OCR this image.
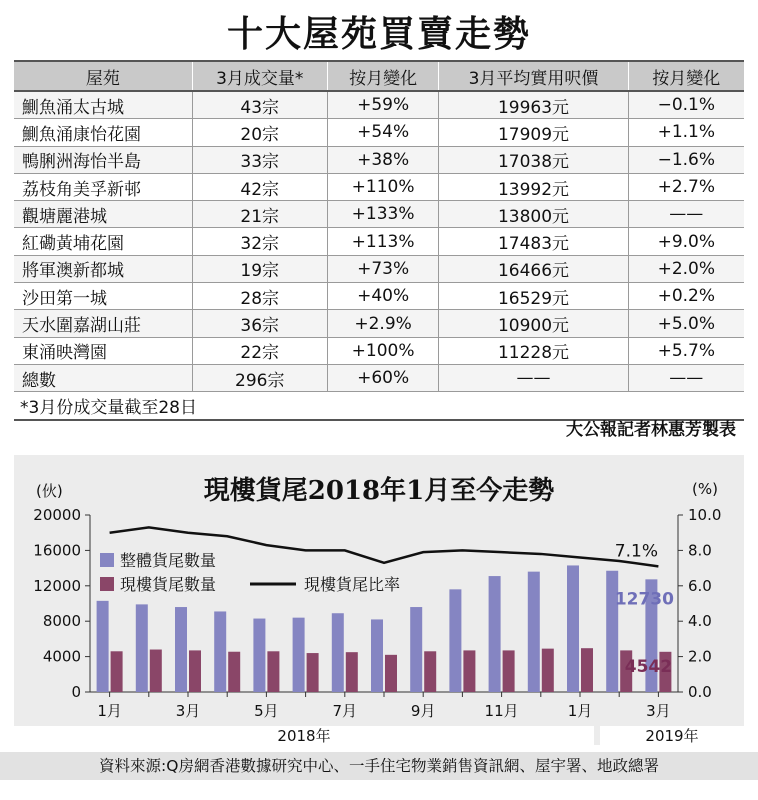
十大屋苑買賣走勢
屋苑	3月成交量*	按月變化	3月平均實用呎價	按月變化
鰂魚涌太古城	43宗	+59%	19963元	−0.1%
鰂魚涌康怡花園	20宗	+54%	17909元	+1.1%
鴨脷洲海怡半島	33宗	+38%	17038元	−1.6%
荔枝角美孚新邨	42宗	+110%	13992元	+2.7%
觀塘麗港城	21宗	+133%	13800元	——
紅磡黃埔花園	32宗	+113%	17483元	+9.0%
將軍澳新都城	19宗	+73%	16466元	+2.0%
沙田第一城	28宗	+40%	16529元	+0.2%
天水圍嘉湖山莊	36宗	+2.9%	10900元	+5.0%
東涌映灣園	22宗	+100%	11228元	+5.7%
總數	296宗	+60%	——	——
*3月份成交量截至28日				
大公報記者林惠芳製表
現樓貨尾2018年1月至今走勢
(伙)	(%)
0
4000
8000
12000
16000
20000
0.0
2.0
4.0
6.0
8.0
10.0
1月	3月	5月	7月	9月	11月	1月	3月
7.1%
12730
4542
整體貨尾數量
現樓貨尾數量	現樓貨尾比率
2018年	2019年
資料來源:Q房網香港數據研究中心、一手住宅物業銷售資訊網、屋宇署、地政總署
